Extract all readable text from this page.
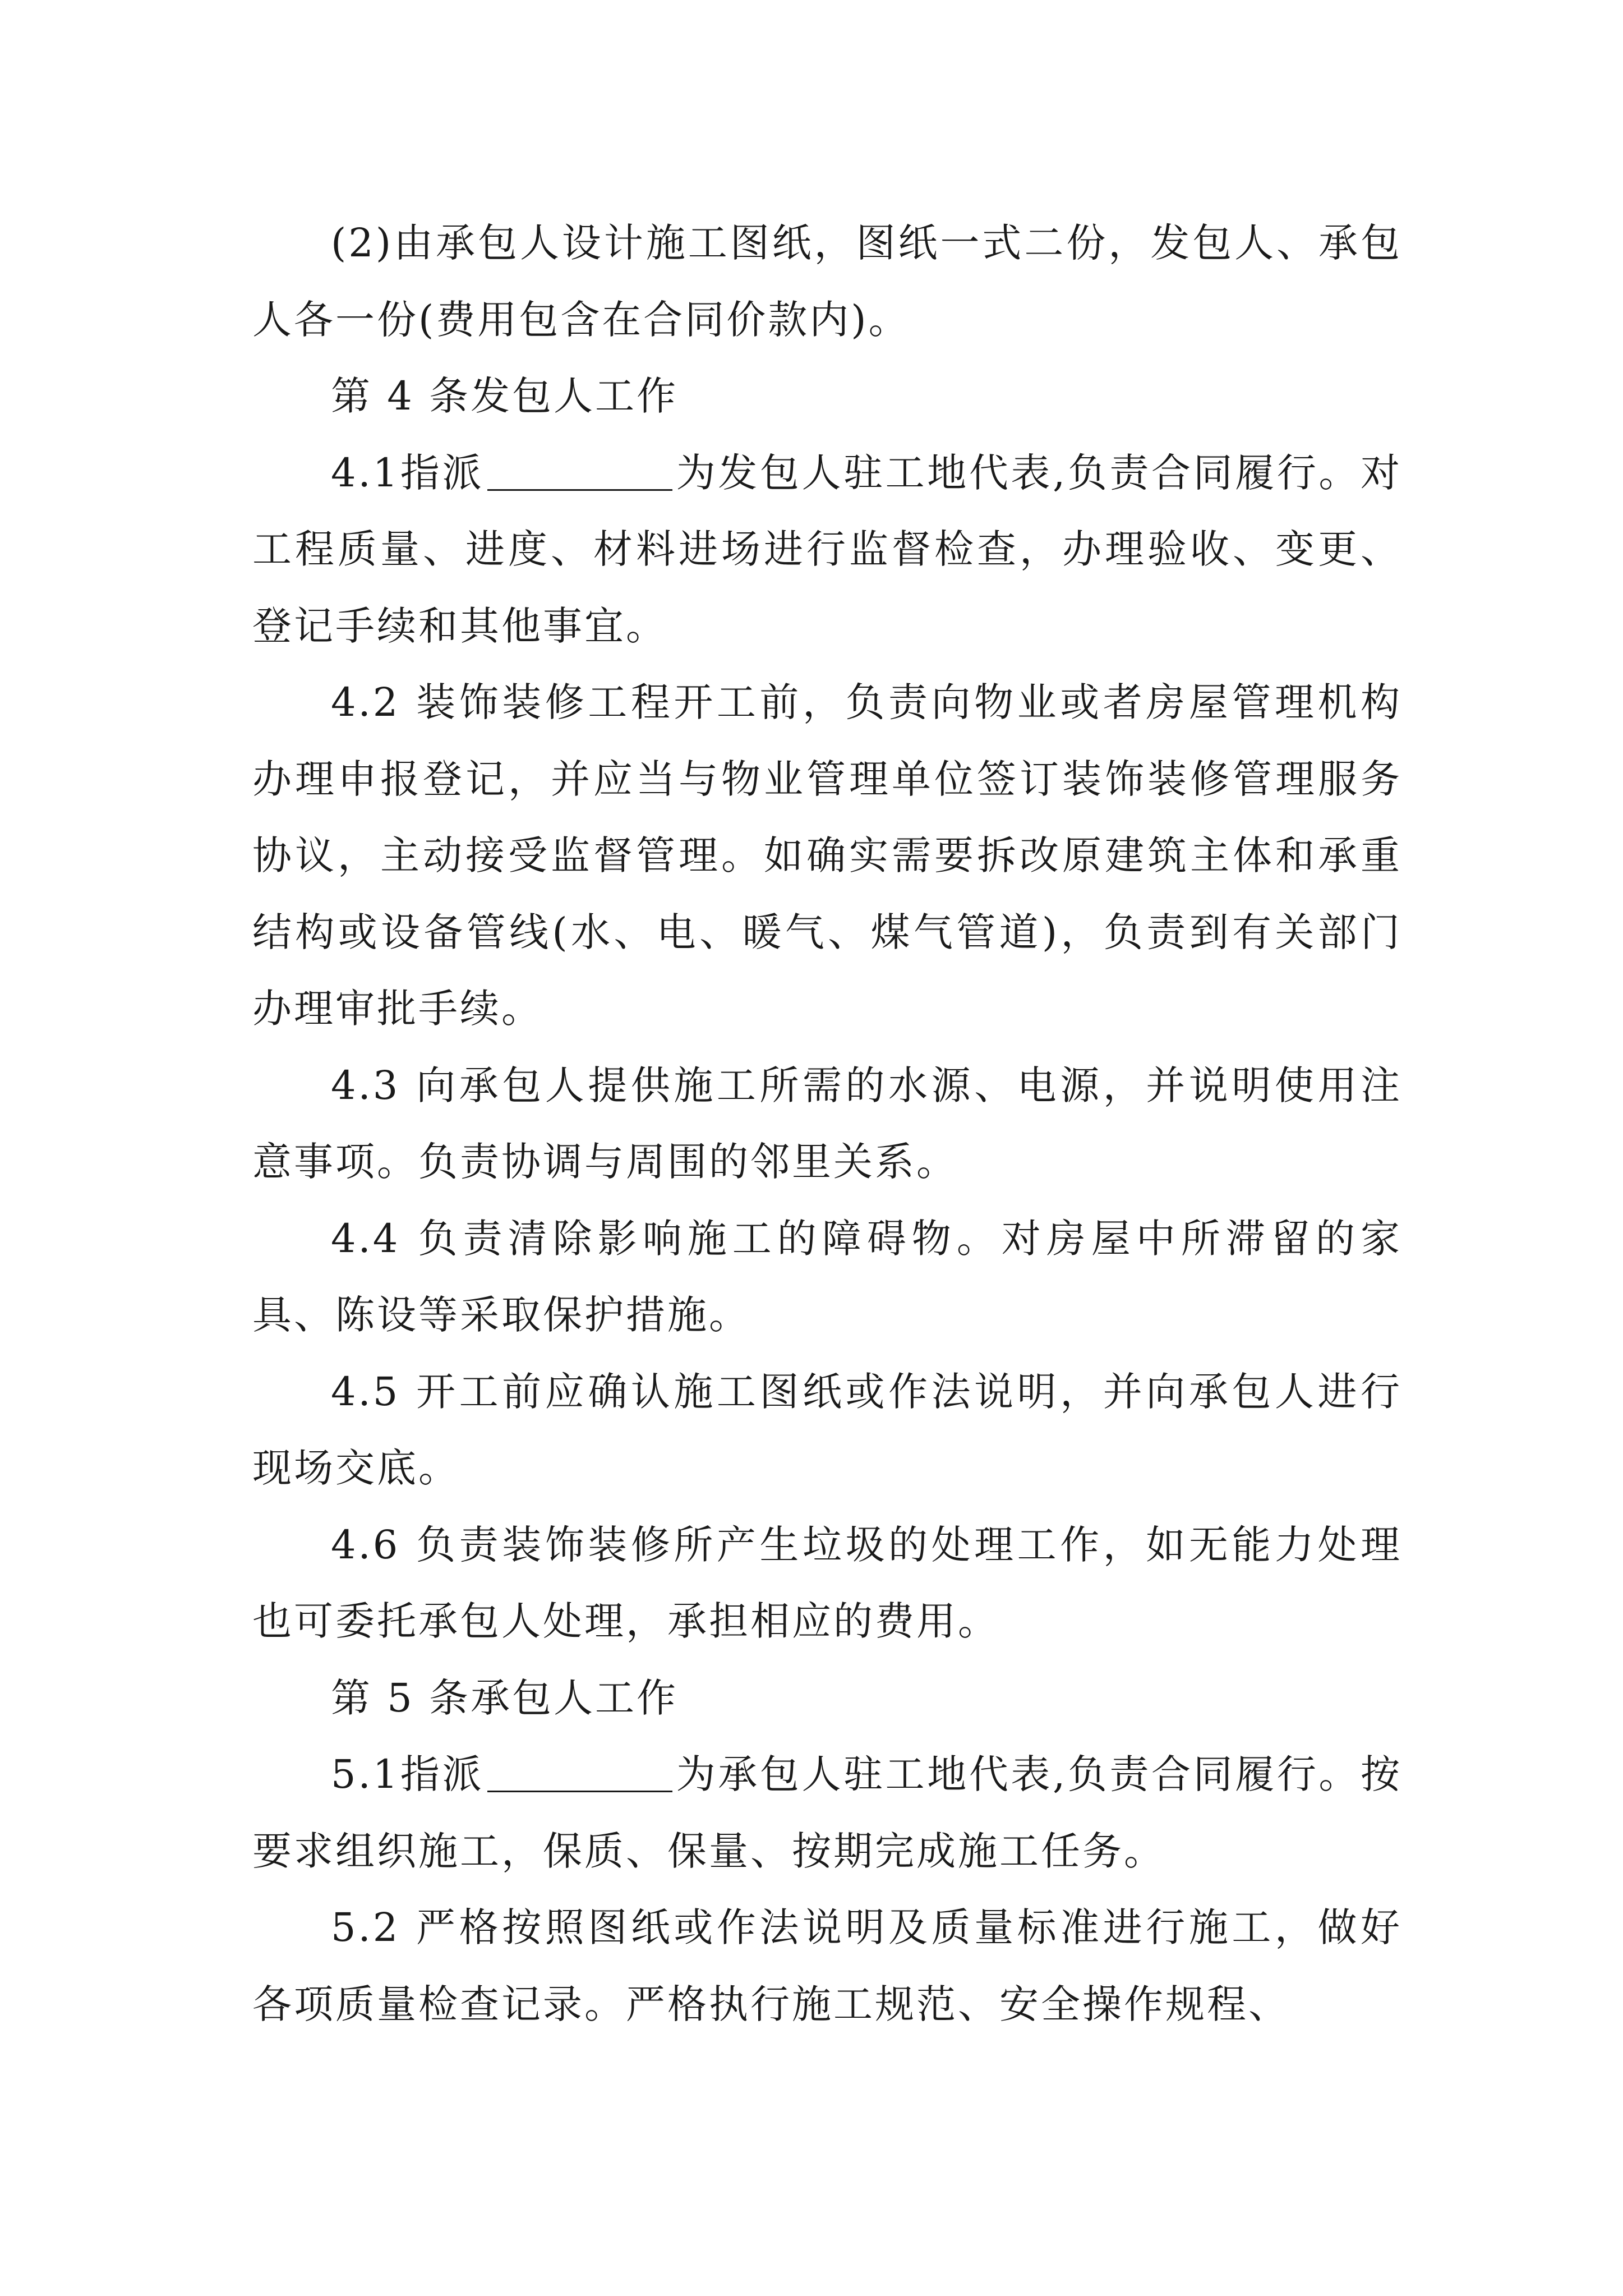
(2)由承包人设计施工图纸，图纸一式二份，发包人、承包人各一份(费用包含在合同价款内)。

第 4 条发包人工作

4.1指派	为发包人驻工地代表,负责合同履行。对工程质量、进度、材料进场进行监督检查，办理验收、变更、登记手续和其他事宜。

4.2 装饰装修工程开工前，负责向物业或者房屋管理机构办理申报登记，并应当与物业管理单位签订装饰装修管理服务协议，主动接受监督管理。如确实需要拆改原建筑主体和承重结构或设备管线(水、电、暖气、煤气管道)，负责到有关部门办理审批手续。

4.3 向承包人提供施工所需的水源、电源，并说明使用注意事项。负责协调与周围的邻里关系。

4.4 负责清除影响施工的障碍物。对房屋中所滞留的家具、陈设等采取保护措施。

4.5 开工前应确认施工图纸或作法说明，并向承包人进行现场交底。

4.6 负责装饰装修所产生垃圾的处理工作，如无能力处理也可委托承包人处理，承担相应的费用。

第 5 条承包人工作

5.1指派	为承包人驻工地代表,负责合同履行。按要求组织施工，保质、保量、按期完成施工任务。

5.2 严格按照图纸或作法说明及质量标准进行施工，做好各项质量检查记录。严格执行施工规范、安全操作规程、
